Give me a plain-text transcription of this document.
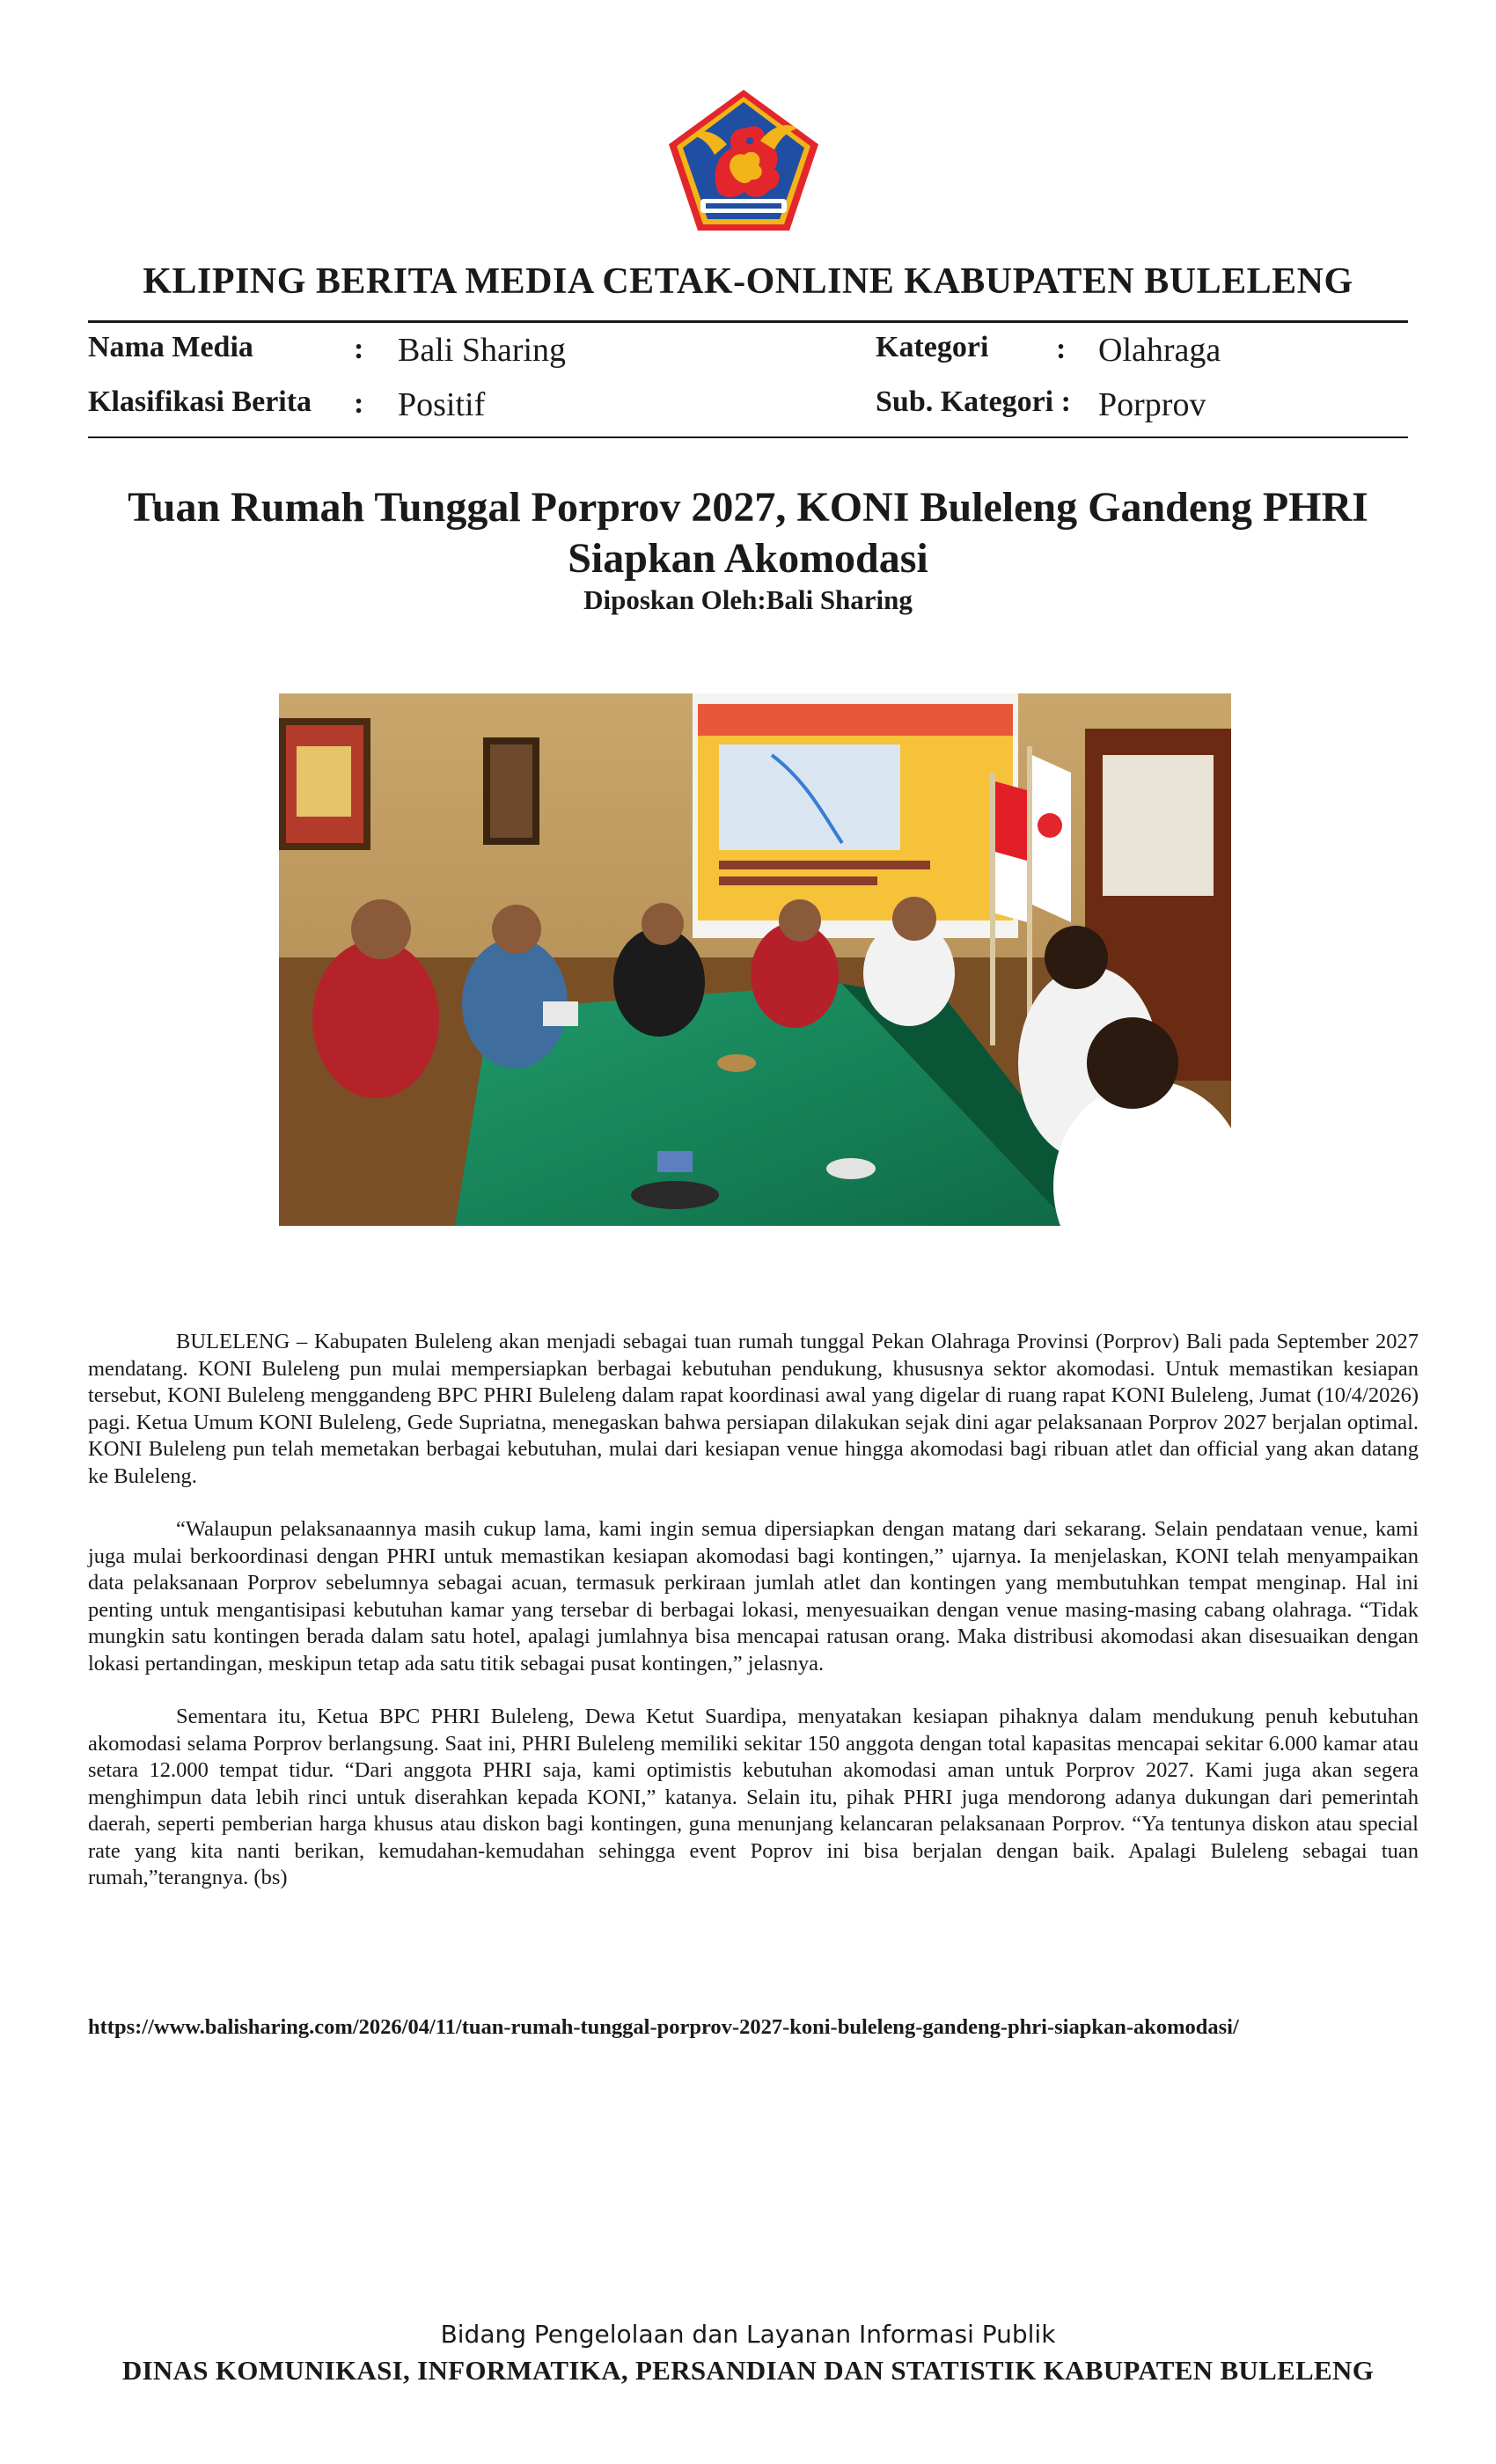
KLIPING BERITA MEDIA CETAK-ONLINE KABUPATEN BULELENG
Nama Media	: Bali Sharing
Klasifikasi Berita : Positif
Kategori : Olahraga
Sub. Kategori : Porprov
Tuan Rumah Tunggal Porprov 2027, KONI Buleleng Gandeng PHRI
Siapkan Akomodasi
Diposkan Oleh:Bali Sharing

BULELENG – Kabupaten Buleleng akan menjadi sebagai tuan rumah tunggal Pekan Olahraga Provinsi (Porprov) Bali pada September 2027 mendatang. KONI Buleleng pun mulai mempersiapkan berbagai kebutuhan pendukung, khususnya sektor akomodasi. Untuk memastikan kesiapan tersebut, KONI Buleleng menggandeng BPC PHRI Buleleng dalam rapat koordinasi awal yang digelar di ruang rapat KONI Buleleng, Jumat (10/4/2026) pagi. Ketua Umum KONI Buleleng, Gede Supriatna, menegaskan bahwa persiapan dilakukan sejak dini agar pelaksanaan Porprov 2027 berjalan optimal. KONI Buleleng pun telah memetakan berbagai kebutuhan, mulai dari kesiapan venue hingga akomodasi bagi ribuan atlet dan official yang akan datang ke Buleleng.

“Walaupun pelaksanaannya masih cukup lama, kami ingin semua dipersiapkan dengan matang dari sekarang. Selain pendataan venue, kami juga mulai berkoordinasi dengan PHRI untuk memastikan kesiapan akomodasi bagi kontingen,” ujarnya. Ia menjelaskan, KONI telah menyampaikan data pelaksanaan Porprov sebelumnya sebagai acuan, termasuk perkiraan jumlah atlet dan kontingen yang membutuhkan tempat menginap. Hal ini penting untuk mengantisipasi kebutuhan kamar yang tersebar di berbagai lokasi, menyesuaikan dengan venue masing-masing cabang olahraga. “Tidak mungkin satu kontingen berada dalam satu hotel, apalagi jumlahnya bisa mencapai ratusan orang. Maka distribusi akomodasi akan disesuaikan dengan lokasi pertandingan, meskipun tetap ada satu titik sebagai pusat kontingen,” jelasnya.

Sementara itu, Ketua BPC PHRI Buleleng, Dewa Ketut Suardipa, menyatakan kesiapan pihaknya dalam mendukung penuh kebutuhan akomodasi selama Porprov berlangsung. Saat ini, PHRI Buleleng memiliki sekitar 150 anggota dengan total kapasitas mencapai sekitar 6.000 kamar atau setara 12.000 tempat tidur. “Dari anggota PHRI saja, kami optimistis kebutuhan akomodasi aman untuk Porprov 2027. Kami juga akan segera menghimpun data lebih rinci untuk diserahkan kepada KONI,” katanya. Selain itu, pihak PHRI juga mendorong adanya dukungan dari pemerintah daerah, seperti pemberian harga khusus atau diskon bagi kontingen, guna menunjang kelancaran pelaksanaan Porprov. “Ya tentunya diskon atau special rate yang kita nanti berikan, kemudahan-kemudahan sehingga event Poprov ini bisa berjalan dengan baik. Apalagi Buleleng sebagai tuan rumah,”terangnya. (bs)

https://www.balisharing.com/2026/04/11/tuan-rumah-tunggal-porprov-2027-koni-buleleng-gandeng-phri-siapkan-akomodasi/
Bidang Pengelolaan dan Layanan Informasi Publik
DINAS KOMUNIKASI, INFORMATIKA, PERSANDIAN DAN STATISTIK KABUPATEN BULELENG
